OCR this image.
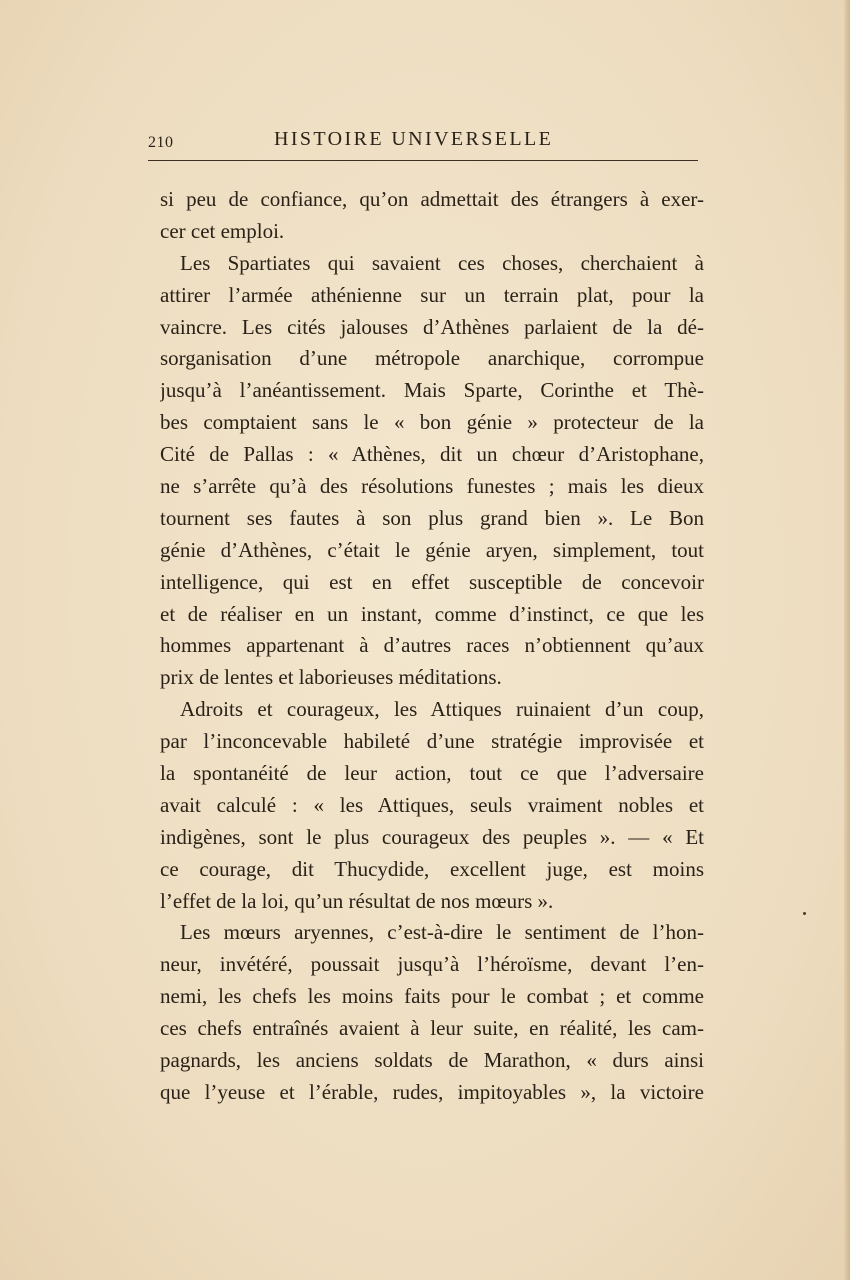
210	HISTOIRE UNIVERSELLE
si peu de confiance, qu’on admettait des étrangers à exer-
cer cet emploi.
Les Spartiates qui savaient ces choses, cherchaient à
attirer l’armée athénienne sur un terrain plat, pour la
vaincre. Les cités jalouses d’Athènes parlaient de la dé-
sorganisation d’une métropole anarchique, corrompue
jusqu’à l’anéantissement. Mais Sparte, Corinthe et Thè-
bes comptaient sans le « bon génie » protecteur de la
Cité de Pallas : « Athènes, dit un chœur d’Aristophane,
ne s’arrête qu’à des résolutions funestes ; mais les dieux
tournent ses fautes à son plus grand bien ». Le Bon
génie d’Athènes, c’était le génie aryen, simplement, tout
intelligence, qui est en effet susceptible de concevoir
et de réaliser en un instant, comme d’instinct, ce que les
hommes appartenant à d’autres races n’obtiennent qu’aux
prix de lentes et laborieuses méditations.
Adroits et courageux, les Attiques ruinaient d’un coup,
par l’inconcevable habileté d’une stratégie improvisée et
la spontanéité de leur action, tout ce que l’adversaire
avait calculé : « les Attiques, seuls vraiment nobles et
indigènes, sont le plus courageux des peuples ». — « Et
ce courage, dit Thucydide, excellent juge, est moins
l’effet de la loi, qu’un résultat de nos mœurs ».
Les mœurs aryennes, c’est-à-dire le sentiment de l’hon-
neur, invétéré, poussait jusqu’à l’héroïsme, devant l’en-
nemi, les chefs les moins faits pour le combat ; et comme
ces chefs entraînés avaient à leur suite, en réalité, les cam-
pagnards, les anciens soldats de Marathon, « durs ainsi
que l’yeuse et l’érable, rudes, impitoyables », la victoire
